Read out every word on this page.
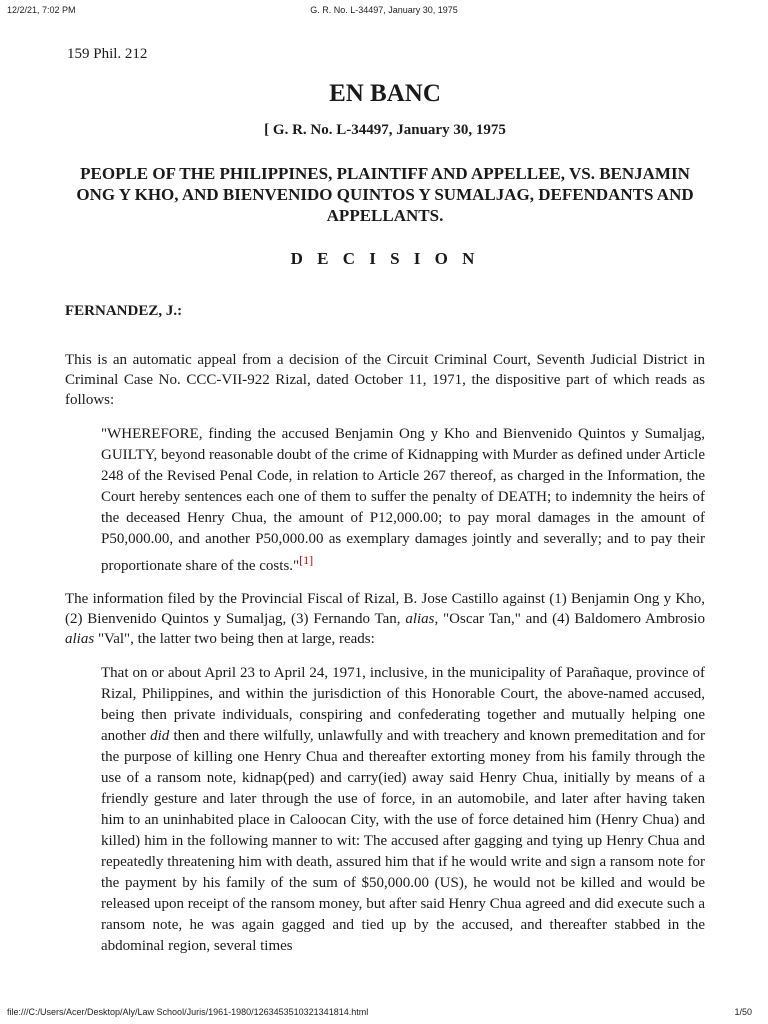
12/2/21, 7:02 PM	G. R. No. L-34497, January 30, 1975
159 Phil. 212
EN BANC
[ G. R. No. L-34497, January 30, 1975
PEOPLE OF THE PHILIPPINES, PLAINTIFF AND APPELLEE, VS. BENJAMIN ONG Y KHO, AND BIENVENIDO QUINTOS Y SUMALJAG, DEFENDANTS AND APPELLANTS.
D E C I S I O N
FERNANDEZ, J.:

This is an automatic appeal from a decision of the Circuit Criminal Court, Seventh Judicial District in Criminal Case No. CCC-VII-922 Rizal, dated October 11, 1971, the dispositive part of which reads as follows:

"WHEREFORE, finding the accused Benjamin Ong y Kho and Bienvenido Quintos y Sumaljag, GUILTY, beyond reasonable doubt of the crime of Kidnapping with Murder as defined under Article 248 of the Revised Penal Code, in relation to Article 267 thereof, as charged in the Information, the Court hereby sentences each one of them to suffer the penalty of DEATH; to indemnity the heirs of the deceased Henry Chua, the amount of P12,000.00; to pay moral damages in the amount of P50,000.00, and another P50,000.00 as exemplary damages jointly and severally; and to pay their proportionate share of the costs."[1]

The information filed by the Provincial Fiscal of Rizal, B. Jose Castillo against (1) Benjamin Ong y Kho, (2) Bienvenido Quintos y Sumaljag, (3) Fernando Tan, alias, "Oscar Tan," and (4) Baldomero Ambrosio alias "Val", the latter two being then at large, reads:

That on or about April 23 to April 24, 1971, inclusive, in the municipality of Parañaque, province of Rizal, Philippines, and within the jurisdiction of this Honorable Court, the above-named accused, being then private individuals, conspiring and confederating together and mutually helping one another did then and there wilfully, unlawfully and with treachery and known premeditation and for the purpose of killing one Henry Chua and thereafter extorting money from his family through the use of a ransom note, kidnap(ped) and carry(ied) away said Henry Chua, initially by means of a friendly gesture and later through the use of force, in an automobile, and later after having taken him to an uninhabited place in Caloocan City, with the use of force detained him (Henry Chua) and killed) him in the following manner to wit: The accused after gagging and tying up Henry Chua and repeatedly threatening him with death, assured him that if he would write and sign a ransom note for the payment by his family of the sum of $50,000.00 (US), he would not be killed and would be released upon receipt of the ransom money, but after said Henry Chua agreed and did execute such a ransom note, he was again gagged and tied up by the accused, and thereafter stabbed in the abdominal region, several times
file:///C:/Users/Acer/Desktop/Aly/Law School/Juris/1961-1980/1263453510321341814.html	1/50
